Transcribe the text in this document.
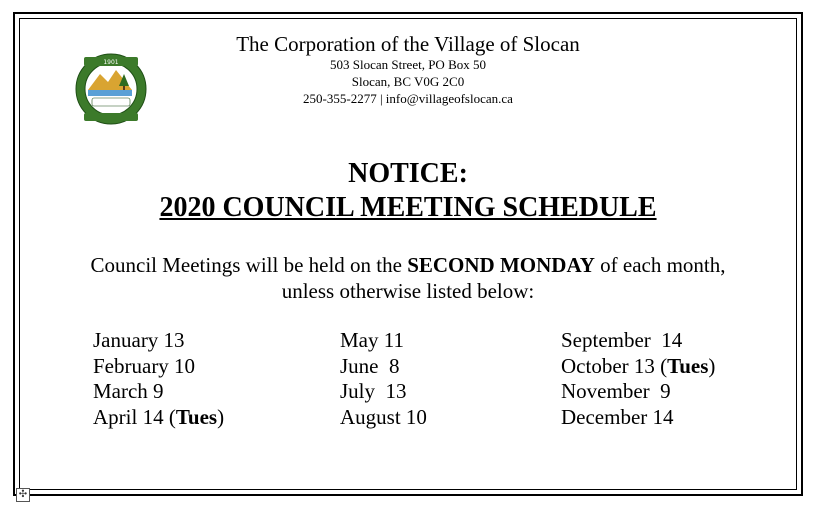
✣
1901
The Corporation of the Village of Slocan
503 Slocan Street, PO Box 50
Slocan, BC V0G 2C0
250-355-2277 | info@villageofslocan.ca
NOTICE:
2020 COUNCIL MEETING SCHEDULE
Council Meetings will be held on the SECOND MONDAY of each month,
unless otherwise listed below:
January 13
February 10
March 9
April 14 (Tues)
May 11
June  8
July  13
August 10
September  14
October 13 (Tues)
November  9
December 14
